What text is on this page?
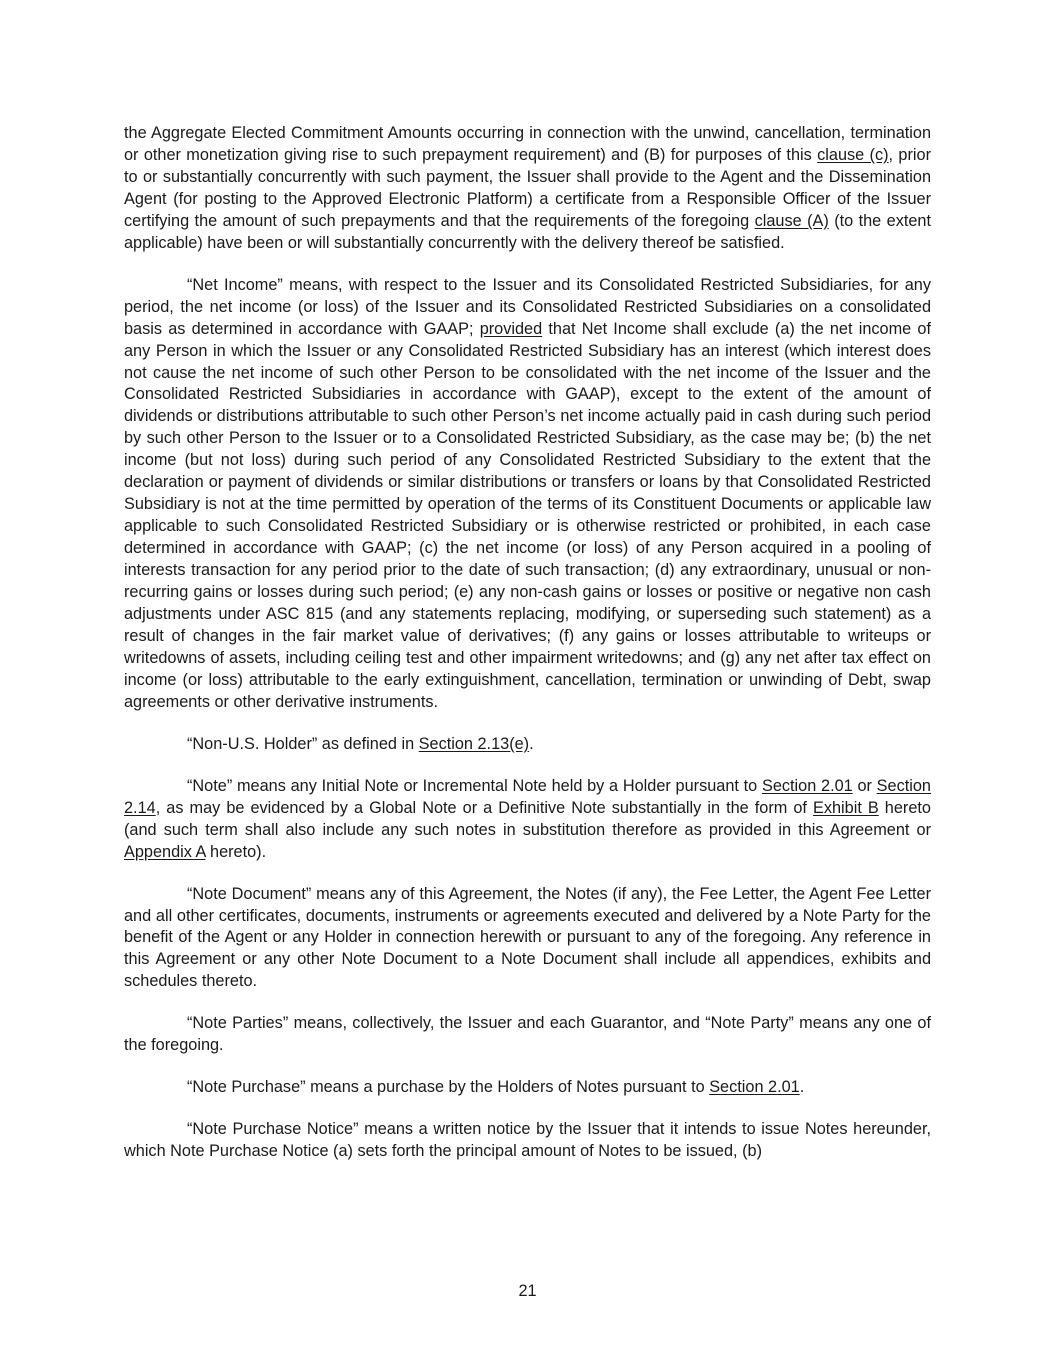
the Aggregate Elected Commitment Amounts occurring in connection with the unwind, cancellation, termination or other monetization giving rise to such prepayment requirement) and (B) for purposes of this clause (c), prior to or substantially concurrently with such payment, the Issuer shall provide to the Agent and the Dissemination Agent (for posting to the Approved Electronic Platform) a certificate from a Responsible Officer of the Issuer certifying the amount of such prepayments and that the requirements of the foregoing clause (A) (to the extent applicable) have been or will substantially concurrently with the delivery thereof be satisfied.

“Net Income” means, with respect to the Issuer and its Consolidated Restricted Subsidiaries, for any period, the net income (or loss) of the Issuer and its Consolidated Restricted Subsidiaries on a consolidated basis as determined in accordance with GAAP; provided that Net Income shall exclude (a) the net income of any Person in which the Issuer or any Consolidated Restricted Subsidiary has an interest (which interest does not cause the net income of such other Person to be consolidated with the net income of the Issuer and the Consolidated Restricted Subsidiaries in accordance with GAAP), except to the extent of the amount of dividends or distributions attributable to such other Person’s net income actually paid in cash during such period by such other Person to the Issuer or to a Consolidated Restricted Subsidiary, as the case may be; (b) the net income (but not loss) during such period of any Consolidated Restricted Subsidiary to the extent that the declaration or payment of dividends or similar distributions or transfers or loans by that Consolidated Restricted Subsidiary is not at the time permitted by operation of the terms of its Constituent Documents or applicable law applicable to such Consolidated Restricted Subsidiary or is otherwise restricted or prohibited, in each case determined in accordance with GAAP; (c) the net income (or loss) of any Person acquired in a pooling of interests transaction for any period prior to the date of such transaction; (d) any extraordinary, unusual or non-recurring gains or losses during such period; (e) any non-cash gains or losses or positive or negative non cash adjustments under ASC 815 (and any statements replacing, modifying, or superseding such statement) as a result of changes in the fair market value of derivatives; (f) any gains or losses attributable to writeups or writedowns of assets, including ceiling test and other impairment writedowns; and (g) any net after tax effect on income (or loss) attributable to the early extinguishment, cancellation, termination or unwinding of Debt, swap agreements or other derivative instruments.

“Non-U.S. Holder” as defined in Section 2.13(e).

“Note” means any Initial Note or Incremental Note held by a Holder pursuant to Section 2.01 or Section 2.14, as may be evidenced by a Global Note or a Definitive Note substantially in the form of Exhibit B hereto (and such term shall also include any such notes in substitution therefore as provided in this Agreement or Appendix A hereto).

“Note Document” means any of this Agreement, the Notes (if any), the Fee Letter, the Agent Fee Letter and all other certificates, documents, instruments or agreements executed and delivered by a Note Party for the benefit of the Agent or any Holder in connection herewith or pursuant to any of the foregoing. Any reference in this Agreement or any other Note Document to a Note Document shall include all appendices, exhibits and schedules thereto.

“Note Parties” means, collectively, the Issuer and each Guarantor, and “Note Party” means any one of the foregoing.

“Note Purchase” means a purchase by the Holders of Notes pursuant to Section 2.01.

“Note Purchase Notice” means a written notice by the Issuer that it intends to issue Notes hereunder, which Note Purchase Notice (a) sets forth the principal amount of Notes to be issued, (b)

21
